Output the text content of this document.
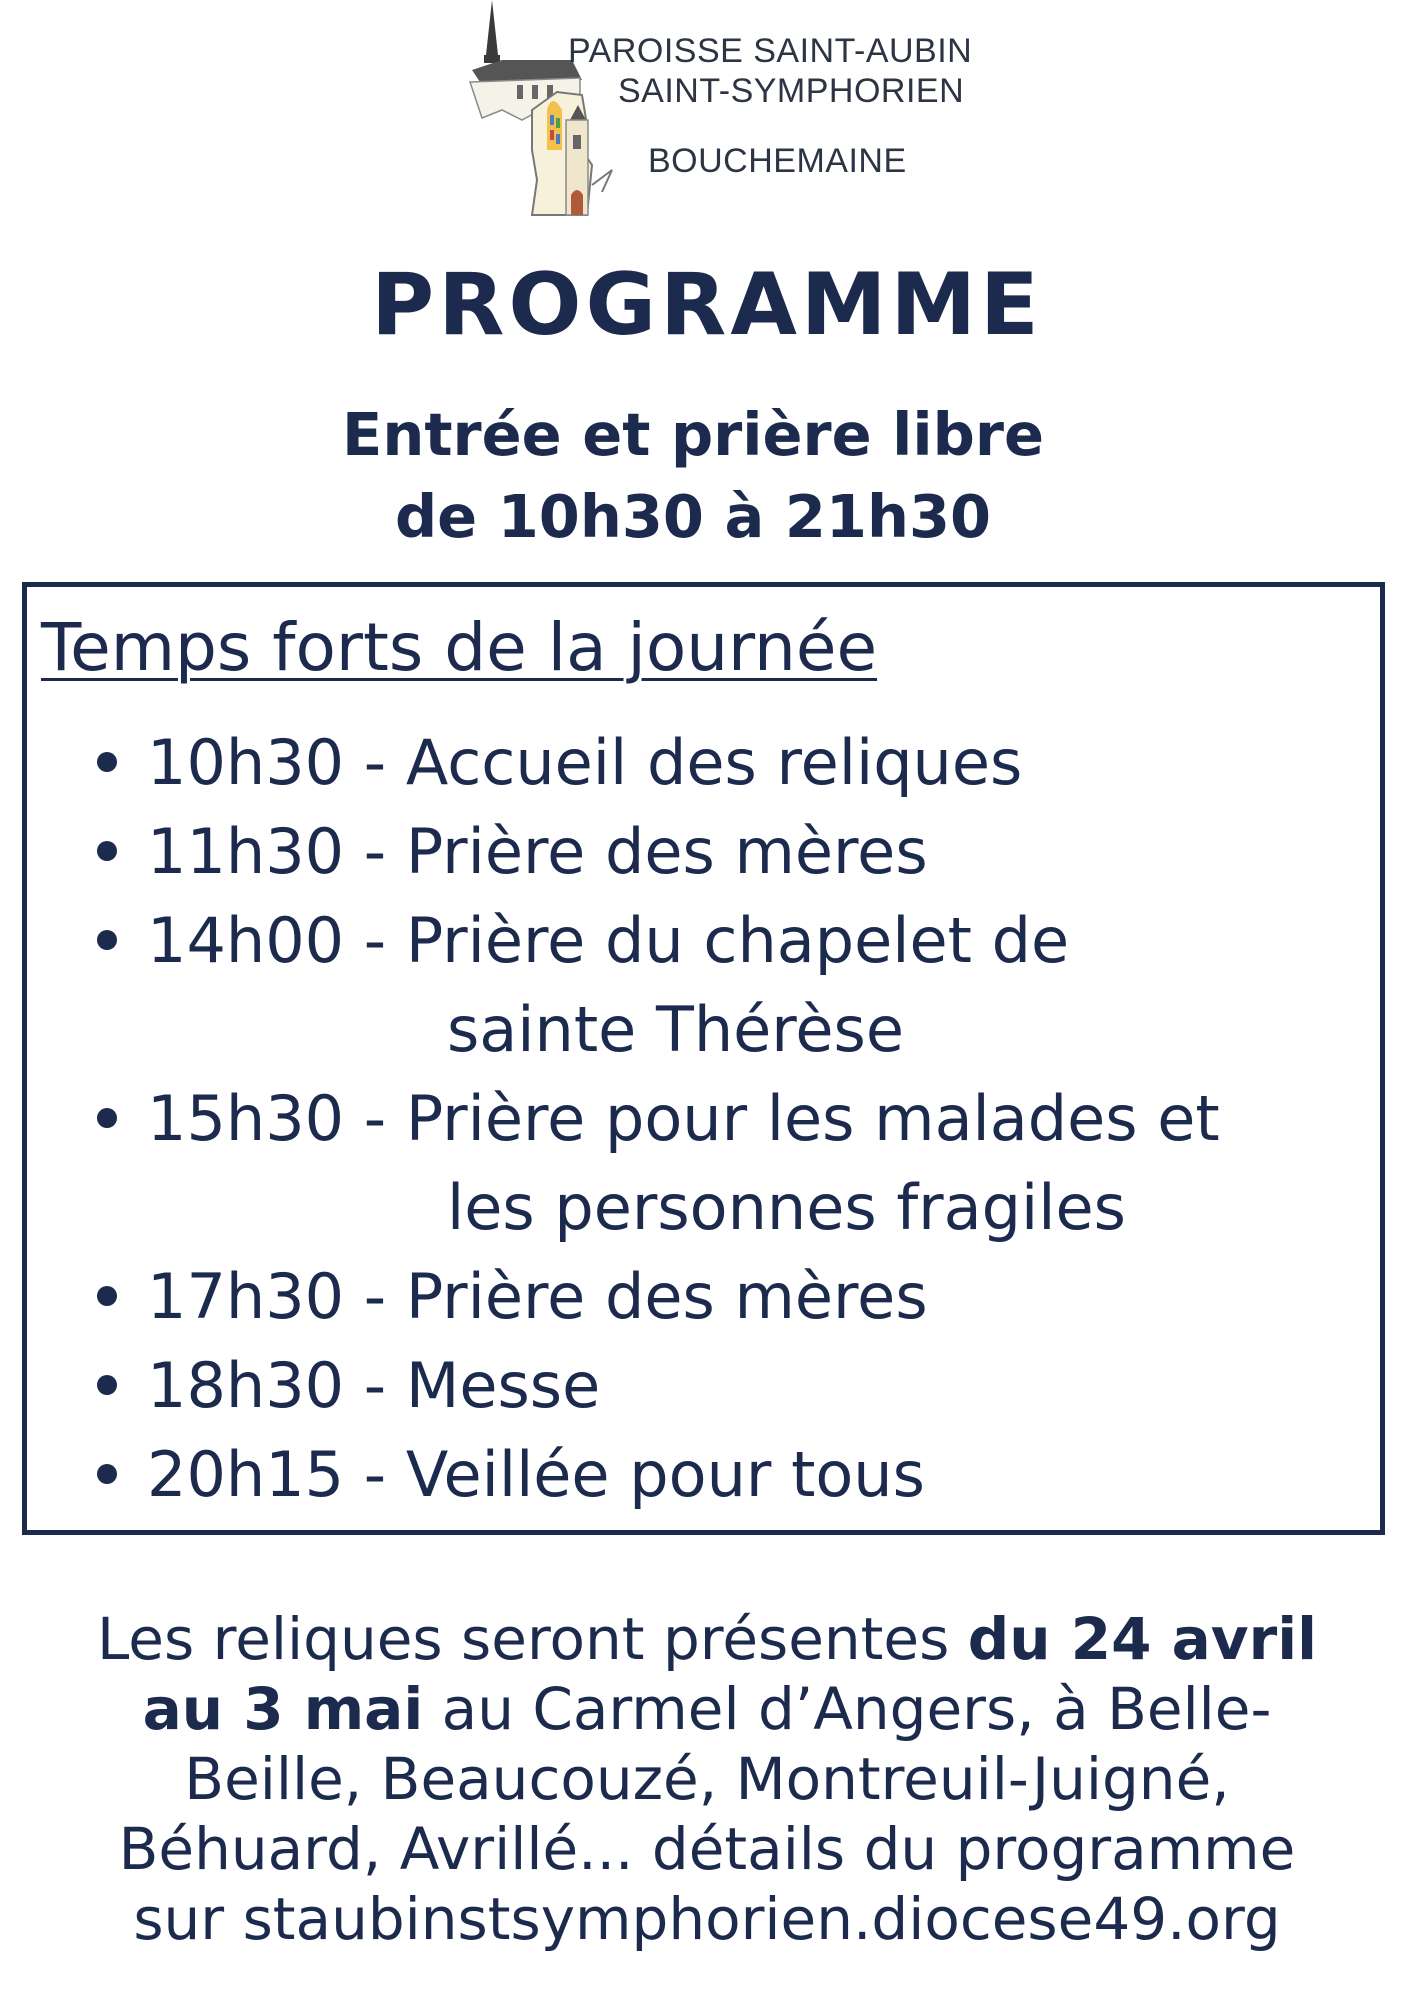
PAROISSE SAINT-AUBIN
SAINT-SYMPHORIEN
BOUCHEMAINE
PROGRAMME
Entrée et prière libre
de 10h30 à 21h30
Temps forts de la journée
10h30 - Accueil des reliques
11h30 - Prière des mères
14h00 - Prière du chapelet de
sainte Thérèse
15h30 - Prière pour les malades et
les personnes fragiles
17h30 - Prière des mères
18h30 - Messe
20h15 - Veillée pour tous
Les reliques seront présentes du 24 avril
au 3 mai au Carmel d’Angers, à Belle-
Beille, Beaucouzé, Montreuil-Juigné,
Béhuard, Avrillé... détails du programme
sur staubinstsymphorien.diocese49.org
